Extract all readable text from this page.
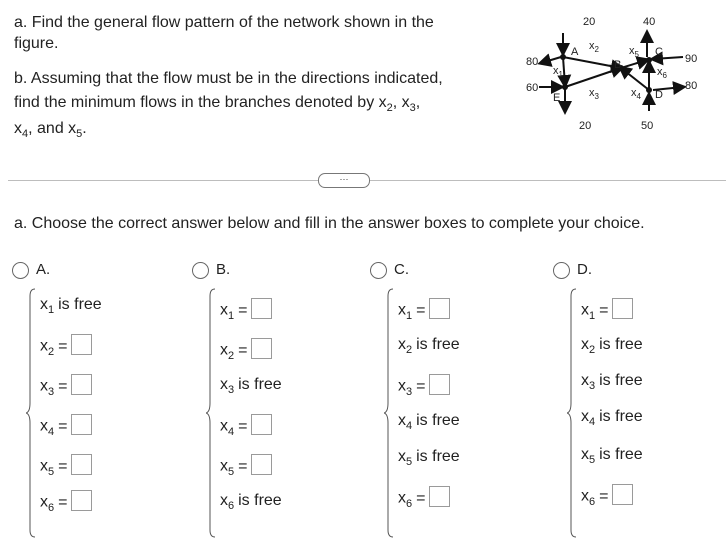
a. Find the general flow pattern of the network shown in the
figure.
b. Assuming that the flow must be in the directions indicated,
find the minimum flows in the branches denoted by $x_2$, $x_3$,
$x_4$, and $x_5$.
20	40
80
60
90
80
20	50
A
B
C
D
E
$x_1$
$x_2$
$x_3$	$x_4$
$x_5$
$x_6$
···
a. Choose the correct answer below and fill in the answer boxes to complete your choice.
A.
$x_1$ is free
$x_2$ =
$x_3$ =
$x_4$ =
$x_5$ =
$x_6$ =
B.
$x_1$ =
$x_2$ =
$x_3$ is free
$x_4$ =
$x_5$ =
$x_6$ is free
C.
$x_1$ =
$x_2$ is free
$x_3$ =
$x_4$ is free
$x_5$ is free
$x_6$ =
D.
$x_1$ =
$x_2$ is free
$x_3$ is free
$x_4$ is free
$x_5$ is free
$x_6$ =
